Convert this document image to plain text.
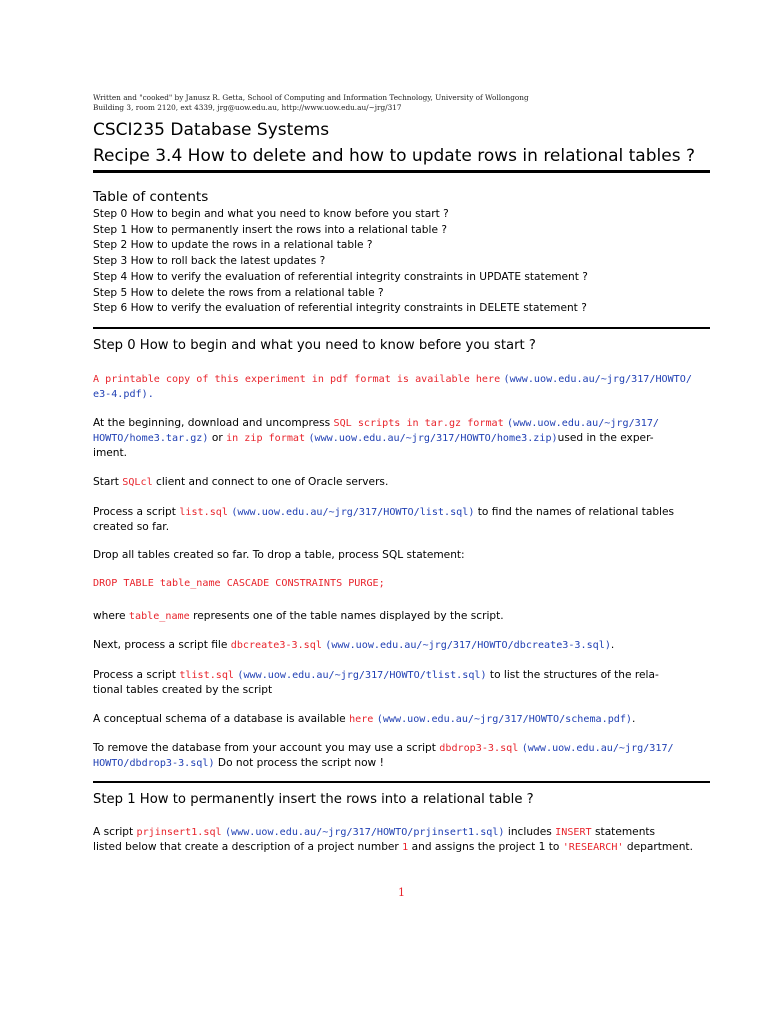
Written and "cooked" by Janusz R. Getta, School of Computing and Information Technology, University of Wollongong
Building 3, room 2120, ext 4339, jrg@uow.edu.au, http://www.uow.edu.au/~jrg/317
CSCI235 Database Systems
Recipe 3.4 How to delete and how to update rows in relational tables ?
Table of contents
Step 0 How to begin and what you need to know before you start ?
Step 1 How to permanently insert the rows into a relational table ?
Step 2 How to update the rows in a relational table ?
Step 3 How to roll back the latest updates ?
Step 4 How to verify the evaluation of referential integrity constraints in UPDATE statement ?
Step 5 How to delete the rows from a relational table ?
Step 6 How to verify the evaluation of referential integrity constraints in DELETE statement ?
Step 0 How to begin and what you need to know before you start ?
A printable copy of this experiment in pdf format is available here (www.uow.edu.au/~jrg/317/HOWTO/
e3-4.pdf).
At the beginning, download and uncompress SQL scripts in tar.gz format (www.uow.edu.au/~jrg/317/
HOWTO/home3.tar.gz) or in zip format (www.uow.edu.au/~jrg/317/HOWTO/home3.zip)used in the exper-
iment.
Start SQLcl client and connect to one of Oracle servers.
Process a script list.sql (www.uow.edu.au/~jrg/317/HOWTO/list.sql) to find the names of relational tables
created so far.
Drop all tables created so far. To drop a table, process SQL statement:
DROP TABLE table_name CASCADE CONSTRAINTS PURGE;
where table_name represents one of the table names displayed by the script.
Next, process a script file dbcreate3-3.sql (www.uow.edu.au/~jrg/317/HOWTO/dbcreate3-3.sql).
Process a script tlist.sql (www.uow.edu.au/~jrg/317/HOWTO/tlist.sql) to list the structures of the rela-
tional tables created by the script
A conceptual schema of a database is available here (www.uow.edu.au/~jrg/317/HOWTO/schema.pdf).
To remove the database from your account you may use a script dbdrop3-3.sql (www.uow.edu.au/~jrg/317/
HOWTO/dbdrop3-3.sql) Do not process the script now !
Step 1 How to permanently insert the rows into a relational table ?
A script prjinsert1.sql (www.uow.edu.au/~jrg/317/HOWTO/prjinsert1.sql) includes INSERT statements
listed below that create a description of a project number 1 and assigns the project 1 to 'RESEARCH' department.
1
